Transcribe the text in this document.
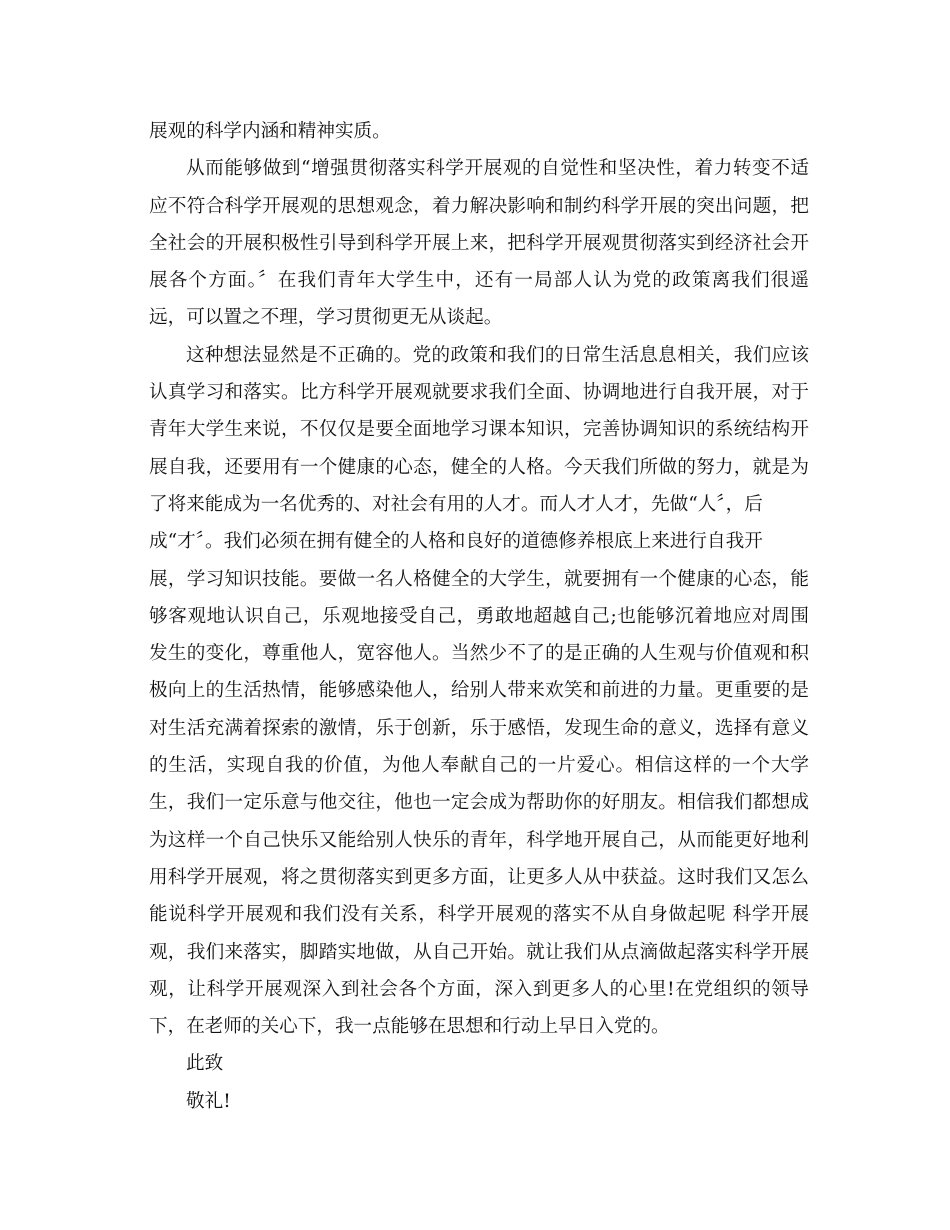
展观的科学内涵和精神实质。
从而能够做到“增强贯彻落实科学开展观的自觉性和坚决性，着力转变不适
应不符合科学开展观的思想观念，着力解决影响和制约科学开展的突出问题，把
全社会的开展积极性引导到科学开展上来，把科学开展观贯彻落实到经济社会开
展各个方面。〞在我们青年大学生中，还有一局部人认为党的政策离我们很遥
远，可以置之不理，学习贯彻更无从谈起。
这种想法显然是不正确的。党的政策和我们的日常生活息息相关，我们应该
认真学习和落实。比方科学开展观就要求我们全面、协调地进行自我开展，对于
青年大学生来说，不仅仅是要全面地学习课本知识，完善协调知识的系统结构开
展自我，还要用有一个健康的心态，健全的人格。今天我们所做的努力，就是为
了将来能成为一名优秀的、对社会有用的人才。而人才人才，先做“人〞，后
成“才〞。我们必须在拥有健全的人格和良好的道德修养根底上来进行自我开
展，学习知识技能。要做一名人格健全的大学生，就要拥有一个健康的心态，能
够客观地认识自己，乐观地接受自己，勇敢地超越自己;也能够沉着地应对周围
发生的变化，尊重他人，宽容他人。当然少不了的是正确的人生观与价值观和积
极向上的生活热情，能够感染他人，给别人带来欢笑和前进的力量。更重要的是
对生活充满着探索的激情，乐于创新，乐于感悟，发现生命的意义，选择有意义
的生活，实现自我的价值，为他人奉献自己的一片爱心。相信这样的一个大学
生，我们一定乐意与他交往，他也一定会成为帮助你的好朋友。相信我们都想成
为这样一个自己快乐又能给别人快乐的青年，科学地开展自己，从而能更好地利
用科学开展观，将之贯彻落实到更多方面，让更多人从中获益。这时我们又怎么
能说科学开展观和我们没有关系，科学开展观的落实不从自身做起呢 科学开展
观，我们来落实，脚踏实地做，从自己开始。就让我们从点滴做起落实科学开展
观，让科学开展观深入到社会各个方面，深入到更多人的心里!在党组织的领导
下，在老师的关心下，我一点能够在思想和行动上早日入党的。
此致
敬礼!
